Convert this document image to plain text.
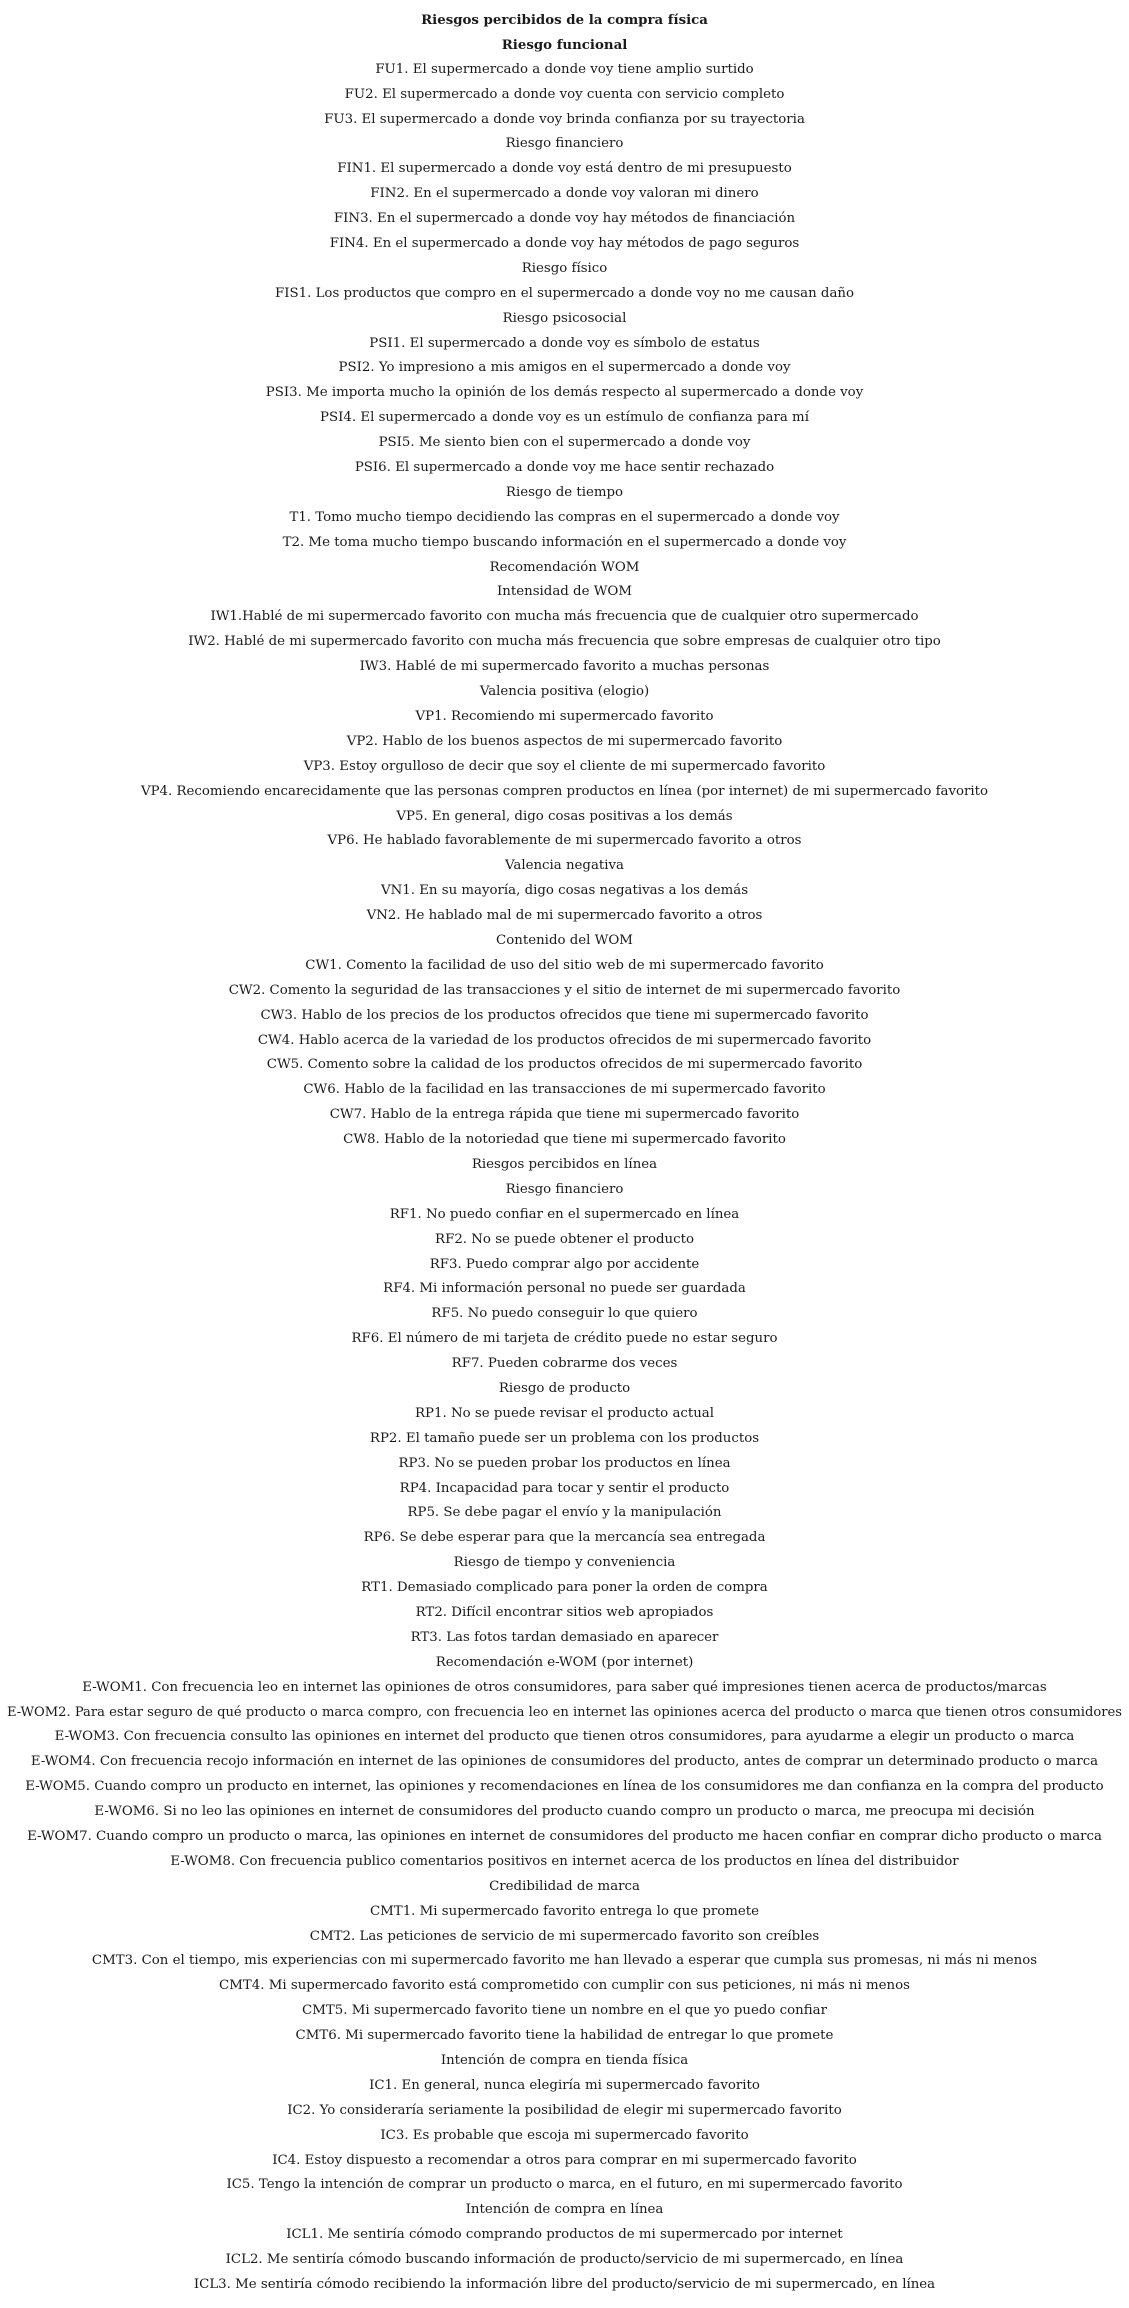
Riesgos percibidos de la compra física
Riesgo funcional
FU1. El supermercado a donde voy tiene amplio surtido
FU2. El supermercado a donde voy cuenta con servicio completo
FU3. El supermercado a donde voy brinda confianza por su trayectoria
Riesgo financiero
FIN1. El supermercado a donde voy está dentro de mi presupuesto
FIN2. En el supermercado a donde voy valoran mi dinero
FIN3. En el supermercado a donde voy hay métodos de financiación
FIN4. En el supermercado a donde voy hay métodos de pago seguros
Riesgo físico
FIS1. Los productos que compro en el supermercado a donde voy no me causan daño
Riesgo psicosocial
PSI1. El supermercado a donde voy es símbolo de estatus
PSI2. Yo impresiono a mis amigos en el supermercado a donde voy
PSI3. Me importa mucho la opinión de los demás respecto al supermercado a donde voy
PSI4. El supermercado a donde voy es un estímulo de confianza para mí
PSI5. Me siento bien con el supermercado a donde voy
PSI6. El supermercado a donde voy me hace sentir rechazado
Riesgo de tiempo
T1. Tomo mucho tiempo decidiendo las compras en el supermercado a donde voy
T2. Me toma mucho tiempo buscando información en el supermercado a donde voy
Recomendación WOM
Intensidad de WOM
IW1.Hablé de mi supermercado favorito con mucha más frecuencia que de cualquier otro supermercado
IW2. Hablé de mi supermercado favorito con mucha más frecuencia que sobre empresas de cualquier otro tipo
IW3. Hablé de mi supermercado favorito a muchas personas
Valencia positiva (elogio)
VP1. Recomiendo mi supermercado favorito
VP2. Hablo de los buenos aspectos de mi supermercado favorito
VP3. Estoy orgulloso de decir que soy el cliente de mi supermercado favorito
VP4. Recomiendo encarecidamente que las personas compren productos en línea (por internet) de mi supermercado favorito
VP5. En general, digo cosas positivas a los demás
VP6. He hablado favorablemente de mi supermercado favorito a otros
Valencia negativa
VN1. En su mayoría, digo cosas negativas a los demás
VN2. He hablado mal de mi supermercado favorito a otros
Contenido del WOM
CW1. Comento la facilidad de uso del sitio web de mi supermercado favorito
CW2. Comento la seguridad de las transacciones y el sitio de internet de mi supermercado favorito
CW3. Hablo de los precios de los productos ofrecidos que tiene mi supermercado favorito
CW4. Hablo acerca de la variedad de los productos ofrecidos de mi supermercado favorito
CW5. Comento sobre la calidad de los productos ofrecidos de mi supermercado favorito
CW6. Hablo de la facilidad en las transacciones de mi supermercado favorito
CW7. Hablo de la entrega rápida que tiene mi supermercado favorito
CW8. Hablo de la notoriedad que tiene mi supermercado favorito
Riesgos percibidos en línea
Riesgo financiero
RF1. No puedo confiar en el supermercado en línea
RF2. No se puede obtener el producto
RF3. Puedo comprar algo por accidente
RF4. Mi información personal no puede ser guardada
RF5. No puedo conseguir lo que quiero
RF6. El número de mi tarjeta de crédito puede no estar seguro
RF7. Pueden cobrarme dos veces
Riesgo de producto
RP1. No se puede revisar el producto actual
RP2. El tamaño puede ser un problema con los productos
RP3. No se pueden probar los productos en línea
RP4. Incapacidad para tocar y sentir el producto
RP5. Se debe pagar el envío y la manipulación
RP6. Se debe esperar para que la mercancía sea entregada
Riesgo de tiempo y conveniencia
RT1. Demasiado complicado para poner la orden de compra
RT2. Difícil encontrar sitios web apropiados
RT3. Las fotos tardan demasiado en aparecer
Recomendación e-WOM (por internet)
E-WOM1. Con frecuencia leo en internet las opiniones de otros consumidores, para saber qué impresiones tienen acerca de productos/marcas
E-WOM2. Para estar seguro de qué producto o marca compro, con frecuencia leo en internet las opiniones acerca del producto o marca que tienen otros consumidores
E-WOM3. Con frecuencia consulto las opiniones en internet del producto que tienen otros consumidores, para ayudarme a elegir un producto o marca
E-WOM4. Con frecuencia recojo información en internet de las opiniones de consumidores del producto, antes de comprar un determinado producto o marca
E-WOM5. Cuando compro un producto en internet, las opiniones y recomendaciones en línea de los consumidores me dan confianza en la compra del producto
E-WOM6. Si no leo las opiniones en internet de consumidores del producto cuando compro un producto o marca, me preocupa mi decisión
E-WOM7. Cuando compro un producto o marca, las opiniones en internet de consumidores del producto me hacen confiar en comprar dicho producto o marca
E-WOM8. Con frecuencia publico comentarios positivos en internet acerca de los productos en línea del distribuidor
Credibilidad de marca
CMT1. Mi supermercado favorito entrega lo que promete
CMT2. Las peticiones de servicio de mi supermercado favorito son creíbles
CMT3. Con el tiempo, mis experiencias con mi supermercado favorito me han llevado a esperar que cumpla sus promesas, ni más ni menos
CMT4. Mi supermercado favorito está comprometido con cumplir con sus peticiones, ni más ni menos
CMT5. Mi supermercado favorito tiene un nombre en el que yo puedo confiar
CMT6. Mi supermercado favorito tiene la habilidad de entregar lo que promete
Intención de compra en tienda física
IC1. En general, nunca elegiría mi supermercado favorito
IC2. Yo consideraría seriamente la posibilidad de elegir mi supermercado favorito
IC3. Es probable que escoja mi supermercado favorito
IC4. Estoy dispuesto a recomendar a otros para comprar en mi supermercado favorito
IC5. Tengo la intención de comprar un producto o marca, en el futuro, en mi supermercado favorito
Intención de compra en línea
ICL1. Me sentiría cómodo comprando productos de mi supermercado por internet
ICL2. Me sentiría cómodo buscando información de producto/servicio de mi supermercado, en línea
ICL3. Me sentiría cómodo recibiendo la información libre del producto/servicio de mi supermercado, en línea
